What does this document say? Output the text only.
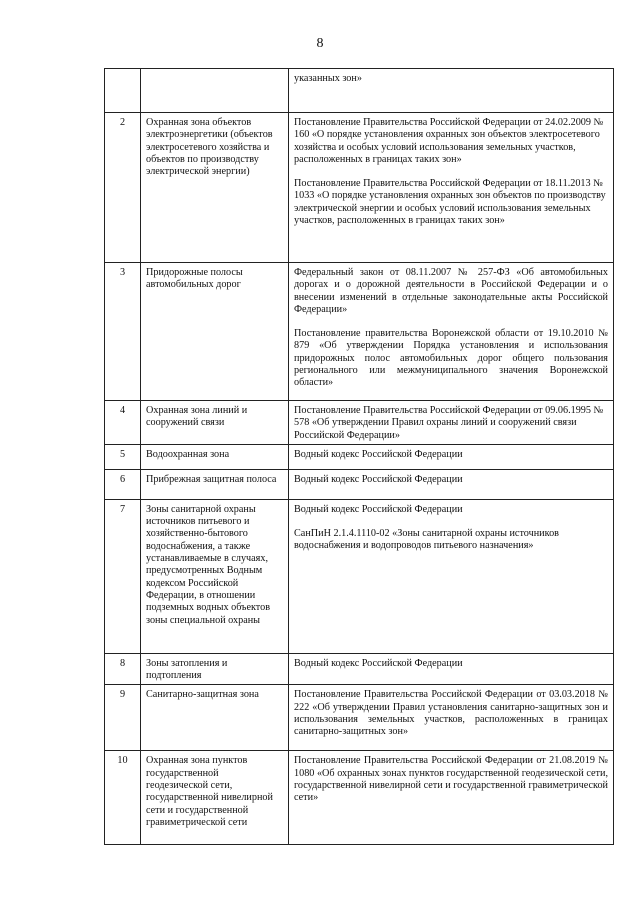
8

		указанных зон»

2	Охранная зона объектов электроэнергетики (объектов электросетевого хозяйства и объектов по производству электрической энергии)	Постановление Правительства Российской Федерации от 24.02.2009 № 160 «О порядке установления охранных зон объектов электросетевого хозяйства и особых условий использования земельных участков, расположенных в границах таких зон»

Постановление Правительства Российской Федерации от 18.11.2013 № 1033 «О порядке установления охранных зон объектов по производству электрической энергии и особых условий использования земельных участков, расположенных в границах таких зон»

3	Придорожные полосы автомобильных дорог	Федеральный закон от 08.11.2007 № 257-ФЗ «Об автомобильных дорогах и о дорожной деятельности в Российской Федерации и о внесении изменений в отдельные законодательные акты Российской Федерации»

Постановление правительства Воронежской области от 19.10.2010 № 879 «Об утверждении Порядка установления и использования придорожных полос автомобильных дорог общего пользования регионального или межмуниципального значения Воронежской области»

4	Охранная зона линий и сооружений связи	Постановление Правительства Российской Федерации от 09.06.1995 № 578 «Об утверждении Правил охраны линий и сооружений связи Российской Федерации»

5	Водоохранная зона	Водный кодекс Российской Федерации

6	Прибрежная защитная полоса	Водный кодекс Российской Федерации

7	Зоны санитарной охраны источников питьевого и хозяйственно-бытового водоснабжения, а также устанавливаемые в случаях, предусмотренных Водным кодексом Российской Федерации, в отношении подземных водных объектов зоны специальной охраны	Водный кодекс Российской Федерации

СанПиН 2.1.4.1110-02 «Зоны санитарной охраны источников водоснабжения и водопроводов питьевого назначения»

8	Зоны затопления и подтопления	Водный кодекс Российской Федерации

9	Санитарно-защитная зона	Постановление Правительства Российской Федерации от 03.03.2018 № 222 «Об утверждении Правил установления санитарно-защитных зон и использования земельных участков, расположенных в границах санитарно-защитных зон»

10	Охранная зона пунктов государственной геодезической сети, государственной нивелирной сети и государственной гравиметрической сети	Постановление Правительства Российской Федерации от 21.08.2019 № 1080 «Об охранных зонах пунктов государственной геодезической сети, государственной нивелирной сети и государственной гравиметрической сети»
